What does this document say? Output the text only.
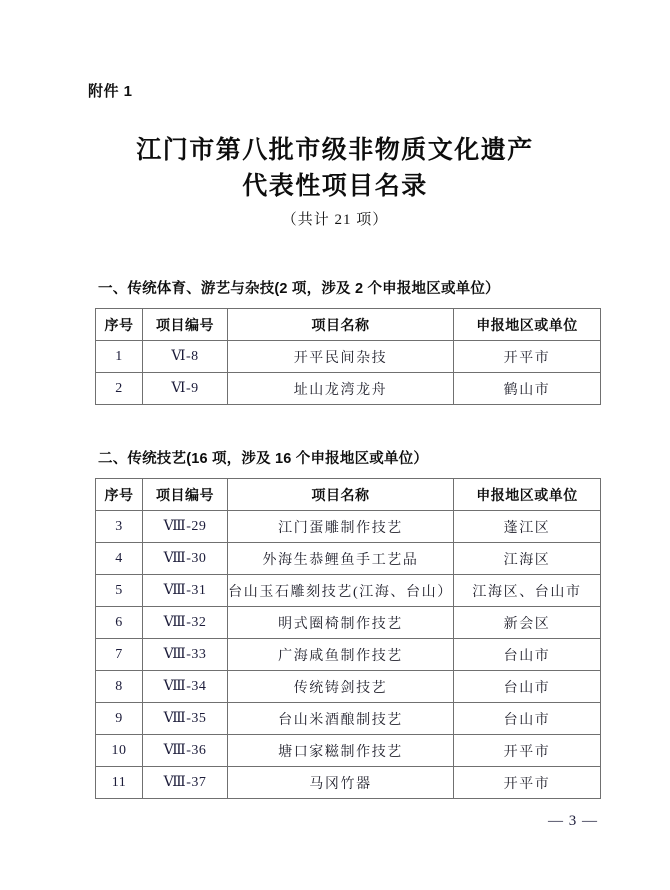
附件 1
江门市第八批市级非物质文化遗产
代表性项目名录
（共计 21 项）
一、传统体育、游艺与杂技(2 项，涉及 2 个申报地区或单位）
序号	项目编号	项目名称	申报地区或单位
1	Ⅵ-8	开平民间杂技	开平市
2	Ⅵ-9	址山龙湾龙舟	鹤山市
二、传统技艺(16 项，涉及 16 个申报地区或单位）
序号	项目编号	项目名称	申报地区或单位
3	Ⅷ-29	江门蛋雕制作技艺	蓬江区
4	Ⅷ-30	外海生恭鲤鱼手工艺品	江海区
5	Ⅷ-31	台山玉石雕刻技艺(江海、台山）	江海区、台山市
6	Ⅷ-32	明式圈椅制作技艺	新会区
7	Ⅷ-33	广海咸鱼制作技艺	台山市
8	Ⅷ-34	传统铸剑技艺	台山市
9	Ⅷ-35	台山米酒酿制技艺	台山市
10	Ⅷ-36	塘口家糍制作技艺	开平市
11	Ⅷ-37	马冈竹器	开平市
— 3 —
